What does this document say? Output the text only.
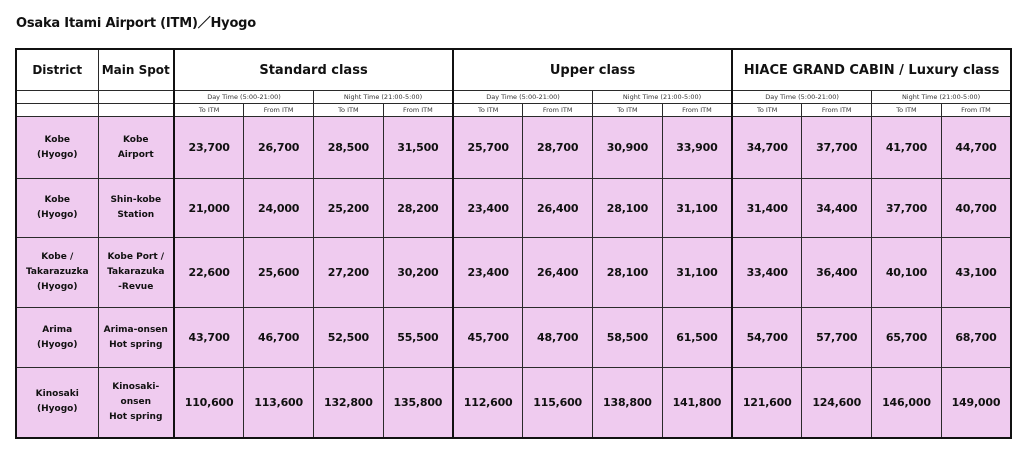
Osaka Itami Airport (ITM)／Hyogo
District	Main Spot	Standard class				Upper class				HIACE GRAND CABIN / Luxury class			
		Day Time (5:00-21:00)		Night Time (21:00-5:00)		Day Time (5:00-21:00)		Night Time (21:00-5:00)		Day Time (5:00-21:00)		Night Time (21:00-5:00)	
		To ITM	From ITM	To ITM	From ITM	To ITM	From ITM	To ITM	From ITM	To ITM	From ITM	To ITM	From ITM
Kobe
(Hyogo)	Kobe
Airport	23,700	26,700	28,500	31,500	25,700	28,700	30,900	33,900	34,700	37,700	41,700	44,700
Kobe
(Hyogo)	Shin-kobe
Station	21,000	24,000	25,200	28,200	23,400	26,400	28,100	31,100	31,400	34,400	37,700	40,700
Kobe /
Takarazuzka
(Hyogo)	Kobe Port /
Takarazuka
-Revue	22,600	25,600	27,200	30,200	23,400	26,400	28,100	31,100	33,400	36,400	40,100	43,100
Arima
(Hyogo)	Arima-onsen
Hot spring	43,700	46,700	52,500	55,500	45,700	48,700	58,500	61,500	54,700	57,700	65,700	68,700
Kinosaki
(Hyogo)	Kinosaki-
onsen
Hot spring	110,600	113,600	132,800	135,800	112,600	115,600	138,800	141,800	121,600	124,600	146,000	149,000
